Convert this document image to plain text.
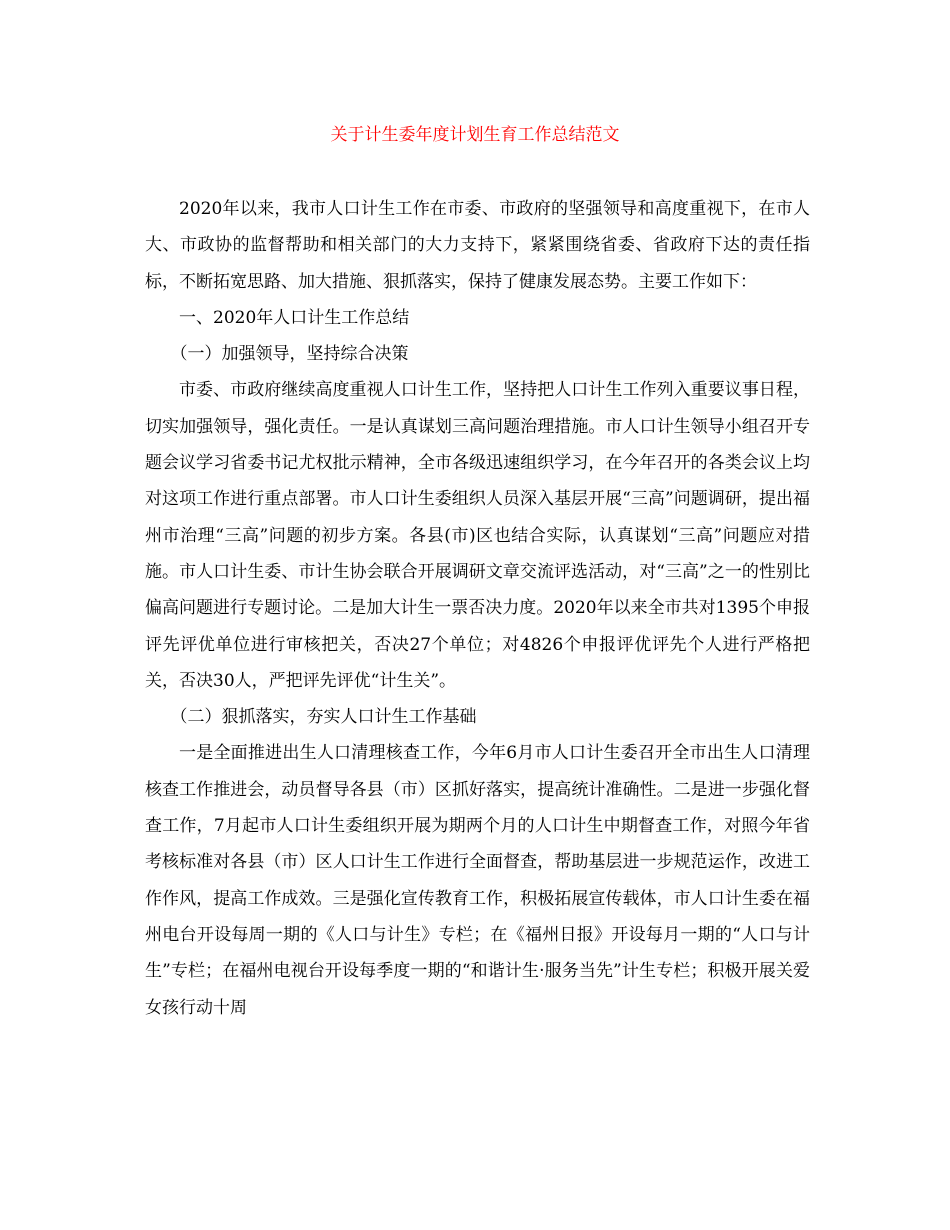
关于计生委年度计划生育工作总结范文

2020年以来，我市人口计生工作在市委、市政府的坚强领导和高度重视下，在市人大、市政协的监督帮助和相关部门的大力支持下，紧紧围绕省委、省政府下达的责任指标，不断拓宽思路、加大措施、狠抓落实，保持了健康发展态势。主要工作如下：

一、2020年人口计生工作总结

（一）加强领导，坚持综合决策

市委、市政府继续高度重视人口计生工作，坚持把人口计生工作列入重要议事日程，切实加强领导，强化责任。一是认真谋划三高问题治理措施。市人口计生领导小组召开专题会议学习省委书记尤权批示精神，全市各级迅速组织学习，在今年召开的各类会议上均对这项工作进行重点部署。市人口计生委组织人员深入基层开展“三高”问题调研，提出福州市治理“三高”问题的初步方案。各县(市)区也结合实际，认真谋划“三高”问题应对措施。市人口计生委、市计生协会联合开展调研文章交流评选活动，对“三高”之一的性别比偏高问题进行专题讨论。二是加大计生一票否决力度。2020年以来全市共对1395个申报评先评优单位进行审核把关，否决27个单位；对4826个申报评优评先个人进行严格把关，否决30人，严把评先评优“计生关”。

（二）狠抓落实，夯实人口计生工作基础

一是全面推进出生人口清理核查工作，今年6月市人口计生委召开全市出生人口清理核查工作推进会，动员督导各县（市）区抓好落实，提高统计准确性。二是进一步强化督查工作，7月起市人口计生委组织开展为期两个月的人口计生中期督查工作，对照今年省考核标准对各县（市）区人口计生工作进行全面督查，帮助基层进一步规范运作，改进工作作风，提高工作成效。三是强化宣传教育工作，积极拓展宣传载体，市人口计生委在福州电台开设每周一期的《人口与计生》专栏；在《福州日报》开设每月一期的“人口与计生”专栏；在福州电视台开设每季度一期的“和谐计生·服务当先”计生专栏；积极开展关爱女孩行动十周
